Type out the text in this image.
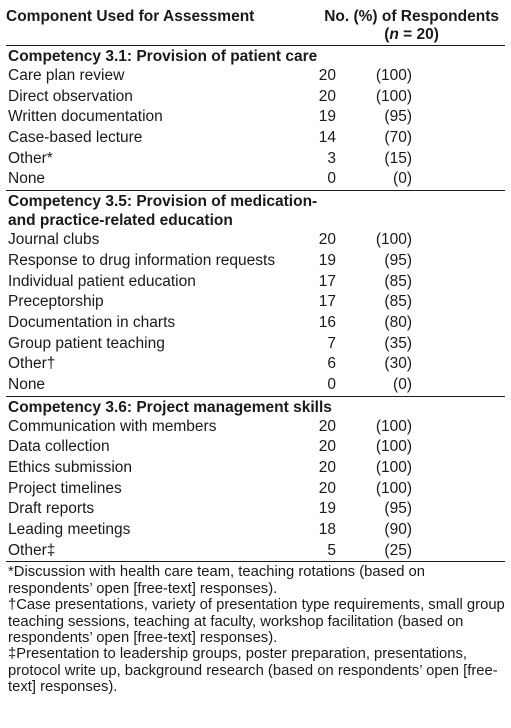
Component Used for Assessment	No. (%) of Respondents
(n = 20)
Competency 3.1: Provision of patient care
Care plan review	20	(100)
Direct observation	20	(100)
Written documentation	19	(95)
Case-based lecture	14	(70)
Other*	3	(15)
None	0	(0)
Competency 3.5: Provision of medication-
and practice-related education
Journal clubs	20	(100)
Response to drug information requests	19	(95)
Individual patient education	17	(85)
Preceptorship	17	(85)
Documentation in charts	16	(80)
Group patient teaching	7	(35)
Other†	6	(30)
None	0	(0)
Competency 3.6: Project management skills
Communication with members	20	(100)
Data collection	20	(100)
Ethics submission	20	(100)
Project timelines	20	(100)
Draft reports	19	(95)
Leading meetings	18	(90)
Other‡	5	(25)
*Discussion with health care team, teaching rotations (based on respondents’ open [free-text] responses).
†Case presentations, variety of presentation type requirements, small group teaching sessions, teaching at faculty, workshop facilitation (based on respondents’ open [free-text] responses).
‡Presentation to leadership groups, poster preparation, presentations, protocol write up, background research (based on respondents’ open [free-text] responses).
